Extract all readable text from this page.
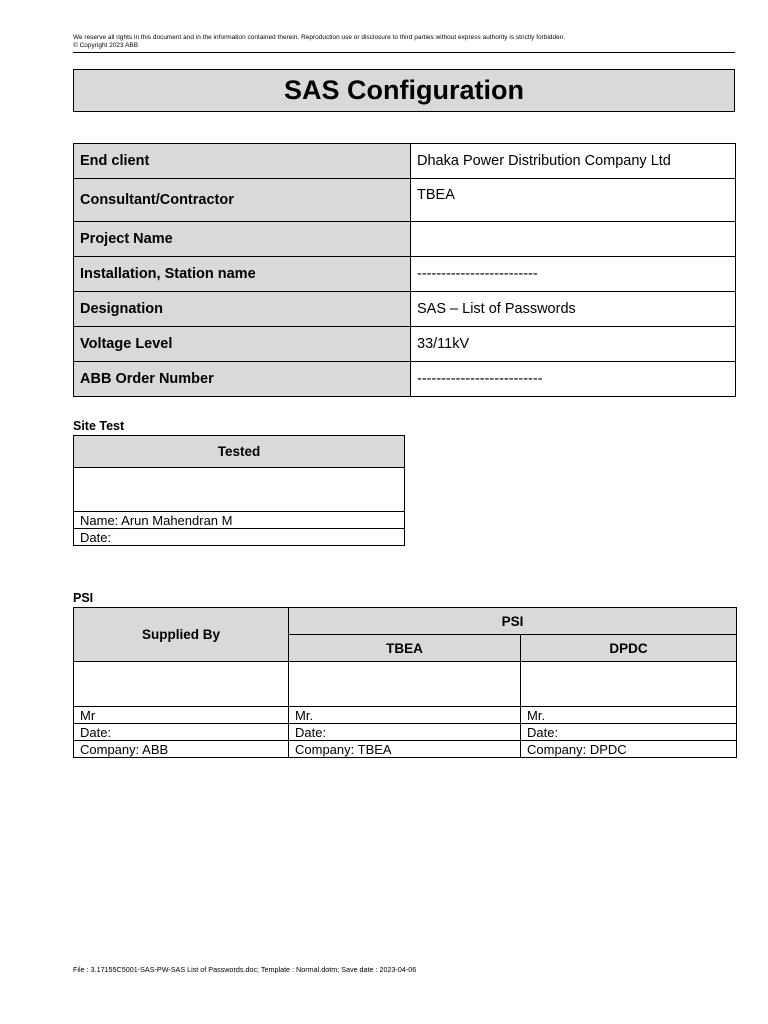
We reserve all rights in this document and in the information contained therein. Reproduction use or disclosure to third parties without express authority is strictly forbidden.
© Copyright 2023 ABB
SAS Configuration
End client	Dhaka Power Distribution Company Ltd
Consultant/Contractor	TBEA
Project Name	
Installation, Station name	-------------------------
Designation	SAS – List of Passwords
Voltage Level	33/11kV
ABB Order Number	--------------------------
Site Test
Tested

Name: Arun Mahendran M
Date:
PSI
Supplied By	PSI	
	TBEA	DPDC

Mr	Mr.	Mr.
Date:	Date:	Date:
Company: ABB	Company: TBEA	Company: DPDC
File : 3.17155C5001-SAS-PW-SAS List of Passwords.doc; Template : Normal.dotm; Save date : 2023-04-06
